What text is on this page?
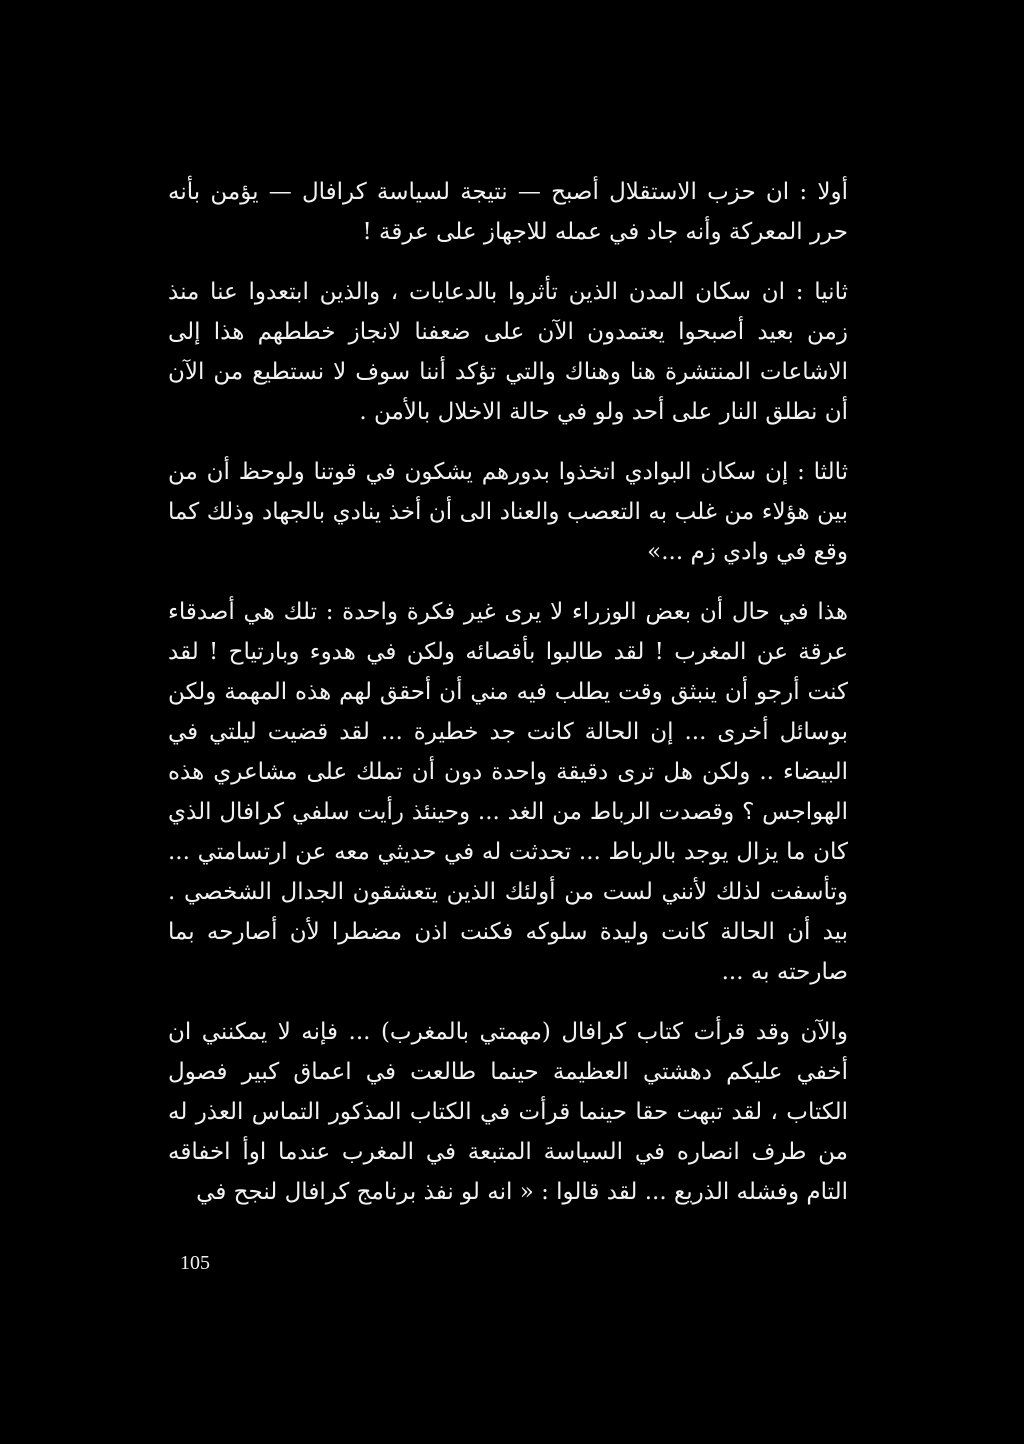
أولا : ان حزب الاستقلال أصبح — نتيجة لسياسة كرافال — يؤمن بأنه حرر المعركة وأنه جاد في عمله للاجهاز على عرقة !

ثانيا : ان سكان المدن الذين تأثروا بالدعايات ، والذين ابتعدوا عنا منذ زمن بعيد أصبحوا يعتمدون الآن على ضعفنا لانجاز خططهم هذا إلى الاشاعات المنتشرة هنا وهناك والتي تؤكد أننا سوف لا نستطيع من الآن أن نطلق النار على أحد ولو في حالة الاخلال بالأمن .

ثالثا : إن سكان البوادي اتخذوا بدورهم يشكون في قوتنا ولوحظ أن من بين هؤلاء من غلب به التعصب والعناد الى أن أخذ ينادي بالجهاد وذلك كما وقع في وادي زم ...»

هذا في حال أن بعض الوزراء لا يرى غير فكرة واحدة : تلك هي أصدقاء عرقة عن المغرب ! لقد طالبوا بأقصائه ولكن في هدوء وبارتياح ! لقد كنت أرجو أن ينبثق وقت يطلب فيه مني أن أحقق لهم هذه المهمة ولكن بوسائل أخرى ... إن الحالة كانت جد خطيرة ... لقد قضيت ليلتي في البيضاء .. ولكن هل ترى دقيقة واحدة دون أن تملك على مشاعري هذه الهواجس ؟ وقصدت الرباط من الغد ... وحينئذ رأيت سلفي كرافال الذي كان ما يزال يوجد بالرباط ... تحدثت له في حديثي معه عن ارتسامتي ... وتأسفت لذلك لأنني لست من أولئك الذين يتعشقون الجدال الشخصي . بيد أن الحالة كانت وليدة سلوكه فكنت اذن مضطرا لأن أصارحه بما صارحته به ...

والآن وقد قرأت كتاب كرافال (مهمتي بالمغرب) ... فإنه لا يمكنني ان أخفي عليكم دهشتي العظيمة حينما طالعت في اعماق كبير فصول الكتاب ، لقد تبهت حقا حينما قرأت في الكتاب المذكور التماس العذر له من طرف انصاره في السياسة المتبعة في المغرب عندما اوأ اخفاقه التام وفشله الذريع ... لقد قالوا : « انه لو نفذ برنامج كرافال لنجح في

105
